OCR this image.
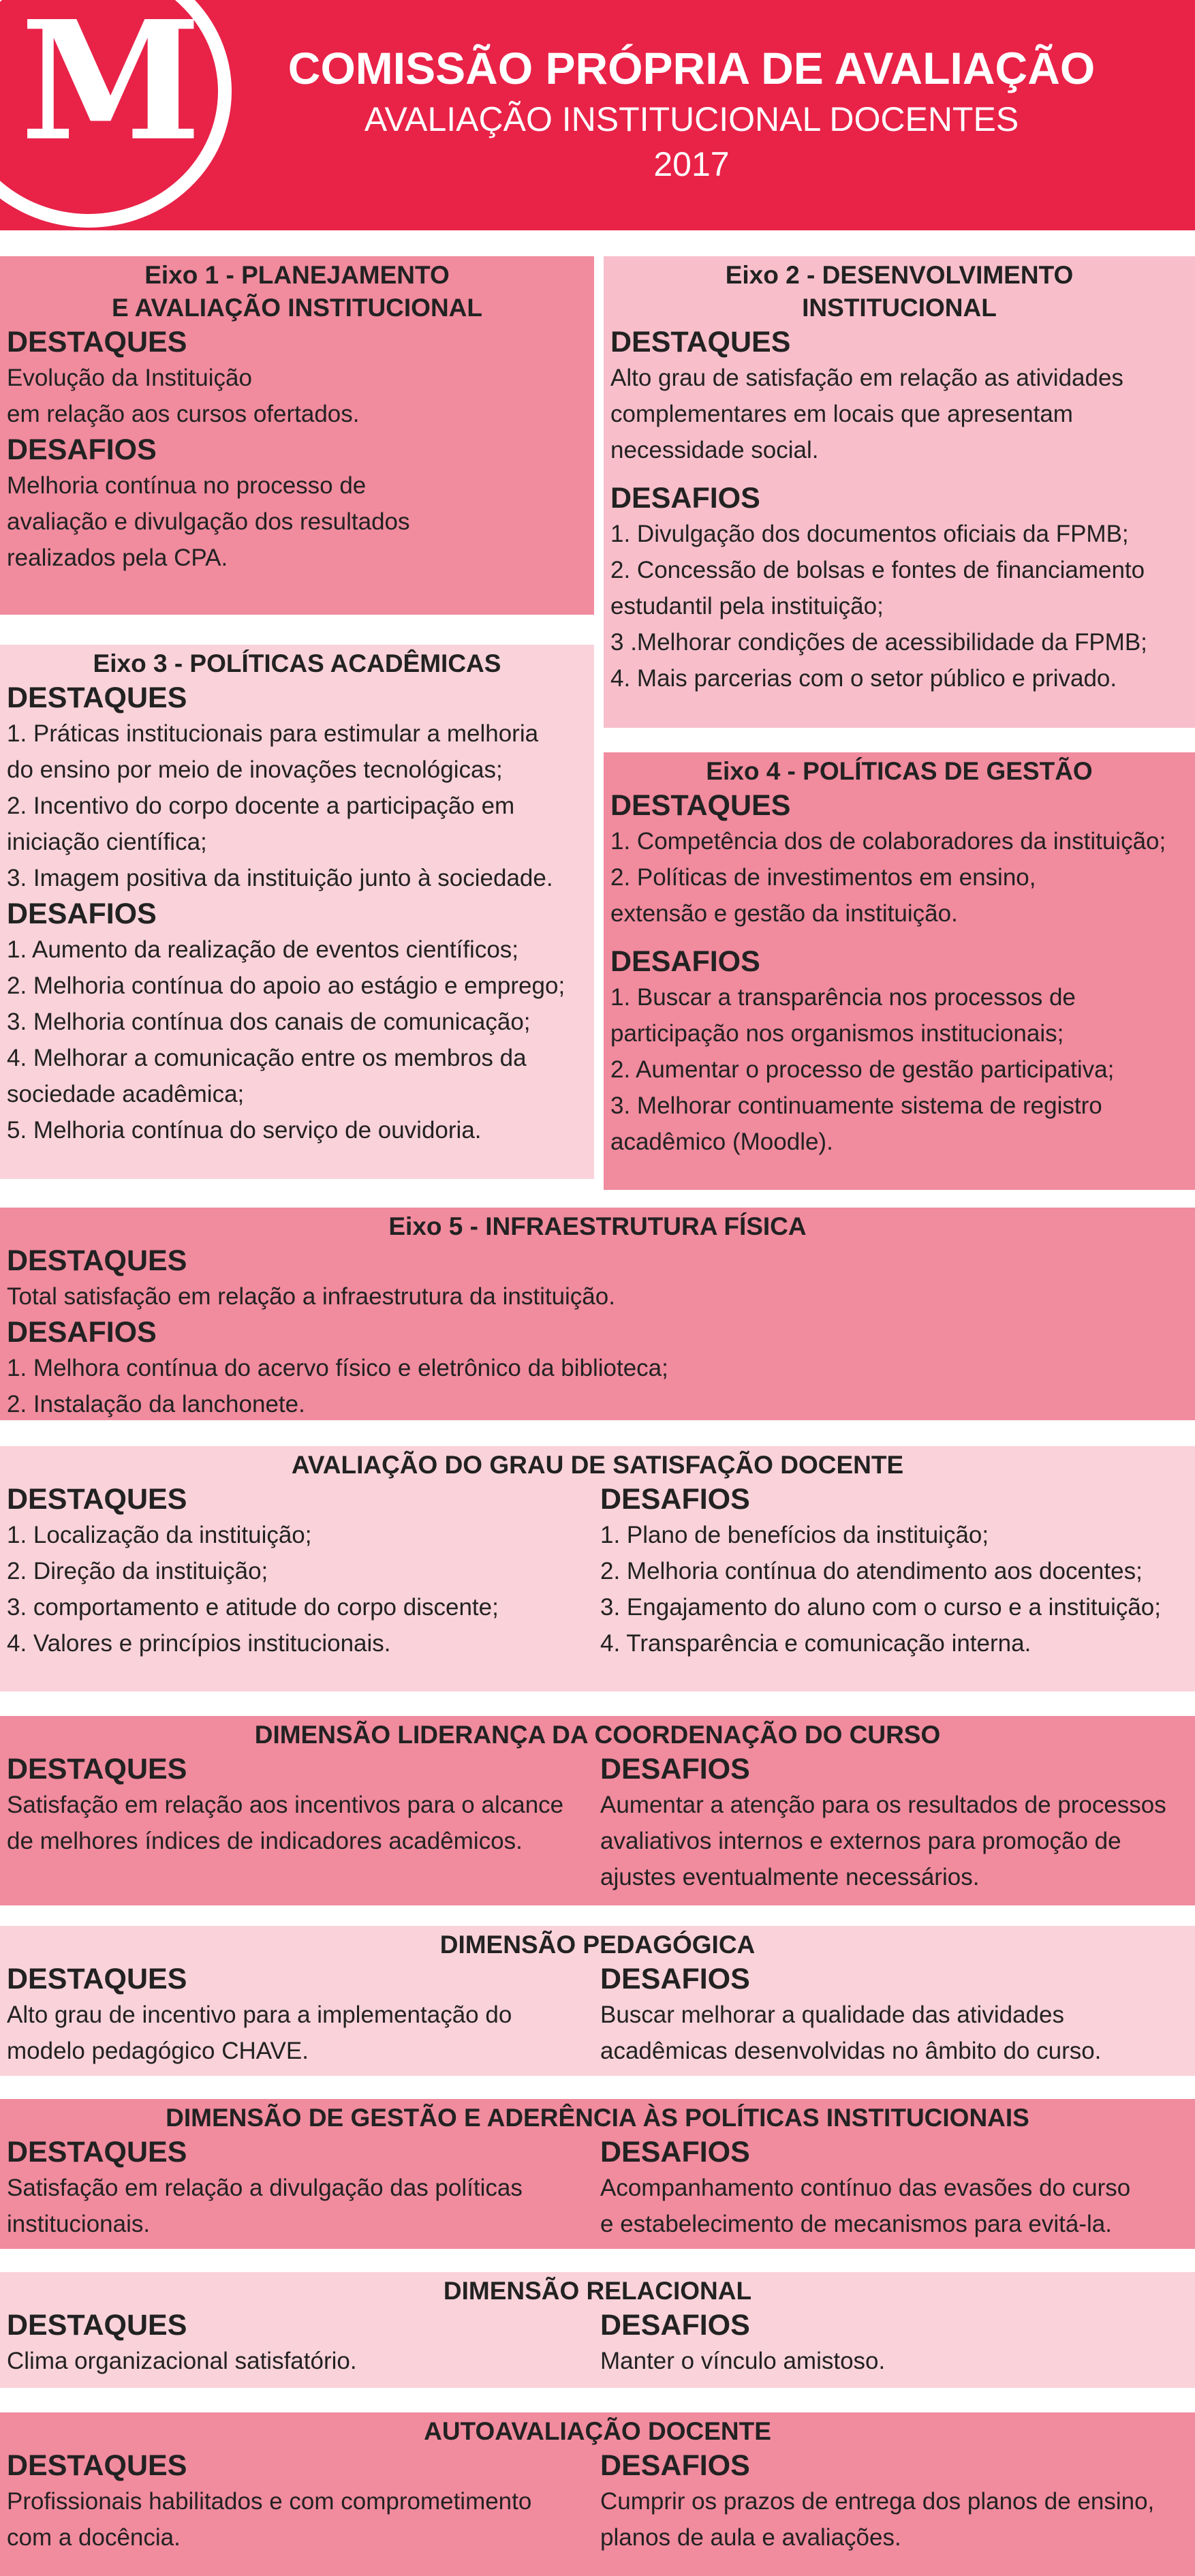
M	COMISSÃO PRÓPRIA DE AVALIAÇÃO
AVALIAÇÃO INSTITUCIONAL DOCENTES
2017
Eixo 1 - PLANEJAMENTO
E AVALIAÇÃO INSTITUCIONAL
DESTAQUES
Evolução da Instituição
em relação aos cursos ofertados.
DESAFIOS
Melhoria contínua no processo de
avaliação e divulgação dos resultados
realizados pela CPA.
Eixo 2 - DESENVOLVIMENTO
INSTITUCIONAL
DESTAQUES
Alto grau de satisfação em relação as atividades
complementares em locais que apresentam
necessidade social.
DESAFIOS
1. Divulgação dos documentos oficiais da FPMB;
2. Concessão de bolsas e fontes de financiamento
estudantil pela instituição;
3 .Melhorar condições de acessibilidade da FPMB;
4. Mais parcerias com o setor público e privado.
Eixo 3 - POLÍTICAS ACADÊMICAS
DESTAQUES
1. Práticas institucionais para estimular a melhoria
do ensino por meio de inovações tecnológicas;
2. Incentivo do corpo docente a participação em
iniciação científica;
3. Imagem positiva da instituição junto à sociedade.
DESAFIOS
1. Aumento da realização de eventos científicos;
2. Melhoria contínua do apoio ao estágio e emprego;
3. Melhoria contínua dos canais de comunicação;
4. Melhorar a comunicação entre os membros da
sociedade acadêmica;
5. Melhoria contínua do serviço de ouvidoria.
Eixo 4 - POLÍTICAS DE GESTÃO
DESTAQUES
1. Competência dos de colaboradores da instituição;
2. Políticas de investimentos em ensino,
extensão e gestão da instituição.
DESAFIOS
1. Buscar a transparência nos processos de
participação nos organismos institucionais;
2. Aumentar o processo de gestão participativa;
3. Melhorar continuamente sistema de registro
acadêmico (Moodle).
Eixo 5 - INFRAESTRUTURA FÍSICA
DESTAQUES
Total satisfação em relação a infraestrutura da instituição.
DESAFIOS
1. Melhora contínua do acervo físico e eletrônico da biblioteca;
2. Instalação da lanchonete.
AVALIAÇÃO DO GRAU DE SATISFAÇÃO DOCENTE
DESTAQUES
1. Localização da instituição;
2. Direção da instituição;
3. comportamento e atitude do corpo discente;
4. Valores e princípios institucionais.
DESAFIOS
1. Plano de benefícios da instituição;
2. Melhoria contínua do atendimento aos docentes;
3. Engajamento do aluno com o curso e a instituição;
4. Transparência e comunicação interna.
DIMENSÃO LIDERANÇA DA COORDENAÇÃO DO CURSO
DESTAQUES
Satisfação em relação aos incentivos para o alcance
de melhores índices de indicadores acadêmicos.
DESAFIOS
Aumentar a atenção para os resultados de processos
avaliativos internos e externos para promoção de
ajustes eventualmente necessários.
DIMENSÃO PEDAGÓGICA
DESTAQUES
Alto grau de incentivo para a implementação do
modelo pedagógico CHAVE.
DESAFIOS
Buscar melhorar a qualidade das atividades
acadêmicas desenvolvidas no âmbito do curso.
DIMENSÃO DE GESTÃO E ADERÊNCIA ÀS POLÍTICAS INSTITUCIONAIS
DESTAQUES
Satisfação em relação a divulgação das políticas
institucionais.
DESAFIOS
Acompanhamento contínuo das evasões do curso
e estabelecimento de mecanismos para evitá-la.
DIMENSÃO RELACIONAL
DESTAQUES
Clima organizacional satisfatório.
DESAFIOS
Manter o vínculo amistoso.
AUTOAVALIAÇÃO DOCENTE
DESTAQUES
Profissionais habilitados e com comprometimento
com a docência.
DESAFIOS
Cumprir os prazos de entrega dos planos de ensino,
planos de aula e avaliações.
